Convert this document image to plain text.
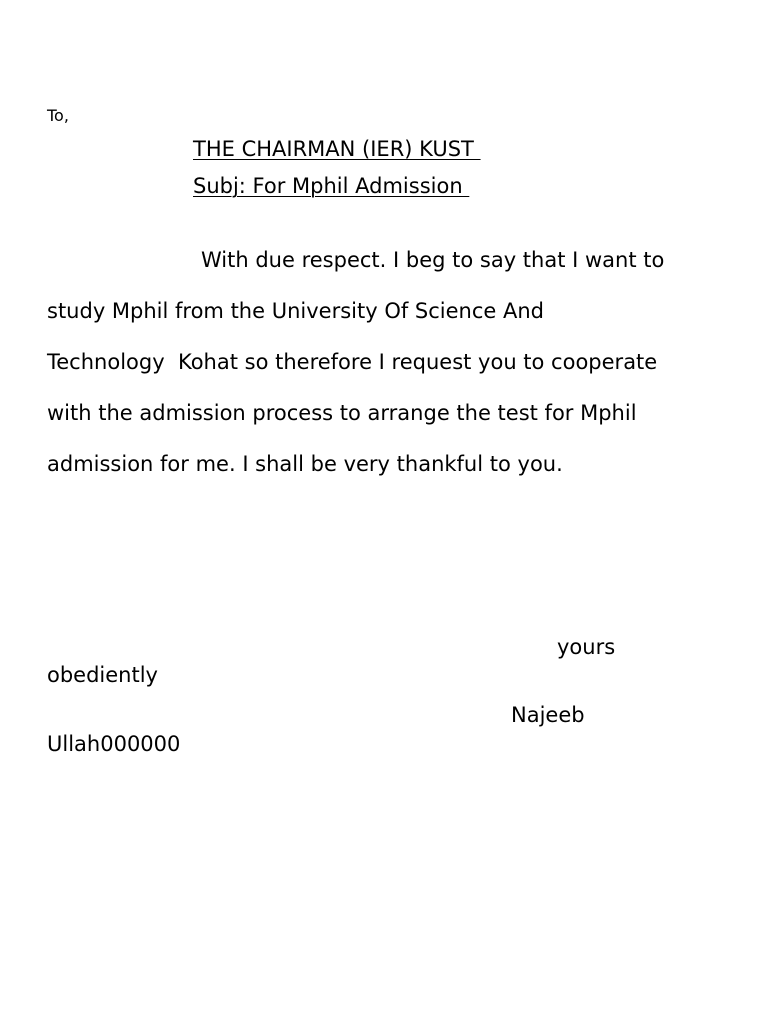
To,
THE CHAIRMAN (IER) KUST
Subj: For Mphil Admission
With due respect. I beg to say that I want to
study Mphil from the University Of Science And
Technology  Kohat so therefore I request you to cooperate
with the admission process to arrange the test for Mphil
admission for me. I shall be very thankful to you.
yours
obediently
Najeeb
Ullah000000
